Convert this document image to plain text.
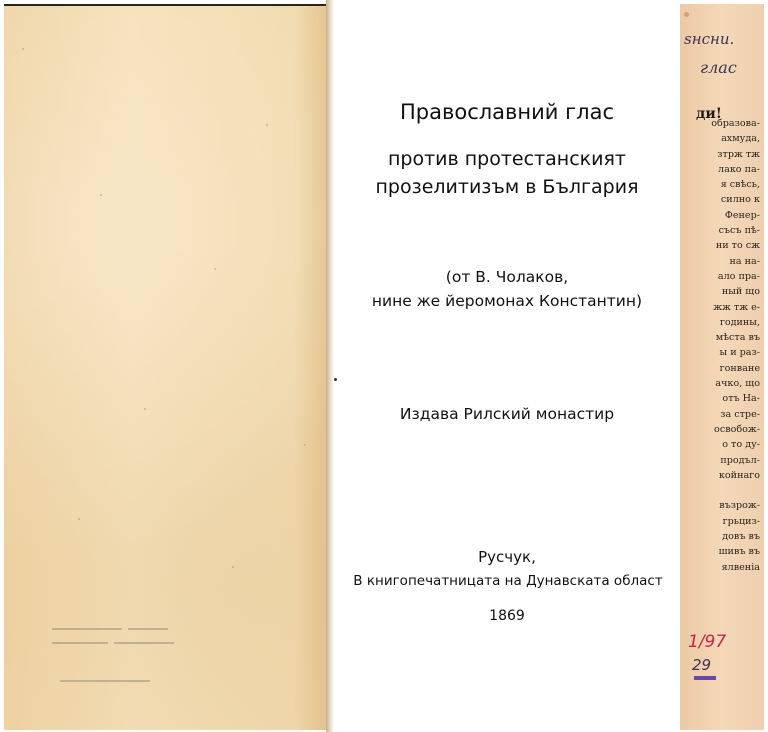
Православний глас
против протестанският
прозелитизъм в България
(от В. Чолаков,
нине же йеромонах Константин)
Издава Рилский монастир
Русчук,
В книгопечатницата на Дунавската област
1869
ѕнсни.
глас
ди!
образова-
ахмуда,
зтрж тж
лако па-
я свѣсь,
силно к
Фенер-
съсъ пѣ-
ни то сж
на на-
ало пра-
ный що
жж тж е-
годины,
мѣста въ
ы и раз-
гонване
ачко, що
отъ На-
за стре-
освобож-
о то ду-
продъл-
койнаго

възрож-
грьциз-
довъ въ
шивъ въ
ялвеніа
1/97
29
